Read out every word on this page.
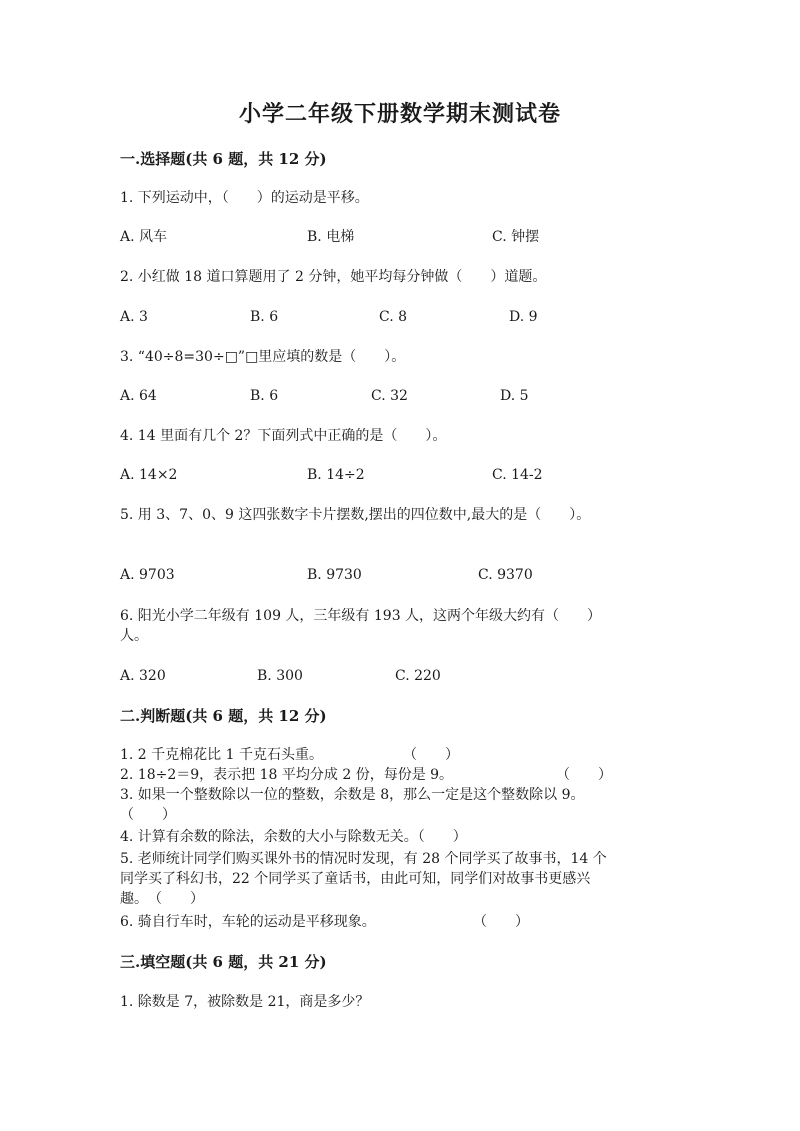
小学二年级下册数学期末测试卷
一.选择题(共 6 题，共 12 分)
1. 下列运动中，（　　）的运动是平移。
A. 风车	B. 电梯	C. 钟摆
2. 小红做 18 道口算题用了 2 分钟，她平均每分钟做（　　）道题。
A. 3	B. 6	C. 8	D. 9
3. “40÷8=30÷□”□里应填的数是（　　）。
A. 64	B. 6	C. 32	D. 5
4. 14 里面有几个 2？下面列式中正确的是（　　）。
A. 14×2	B. 14÷2	C. 14-2
5. 用 3、7、0、9 这四张数字卡片摆数,摆出的四位数中,最大的是（　　）。
A. 9703	B. 9730	C. 9370
6. 阳光小学二年级有 109 人，三年级有 193 人，这两个年级大约有（　　）
人。
A. 320	B. 300	C. 220
二.判断题(共 6 题，共 12 分)
1. 2 千克棉花比 1 千克石头重。	（　　）
2. 18÷2＝9，表示把 18 平均分成 2 份，每份是 9。	（　　）
3. 如果一个整数除以一位的整数，余数是 8，那么一定是这个整数除以 9。
（　　）
4. 计算有余数的除法，余数的大小与除数无关。（　　）
5. 老师统计同学们购买课外书的情况时发现，有 28 个同学买了故事书，14 个
同学买了科幻书，22 个同学买了童话书，由此可知，同学们对故事书更感兴
趣。　（　　）
6. 骑自行车时，车轮的运动是平移现象。	（　　）
三.填空题(共 6 题，共 21 分)
1. 除数是 7，被除数是 21，商是多少？
